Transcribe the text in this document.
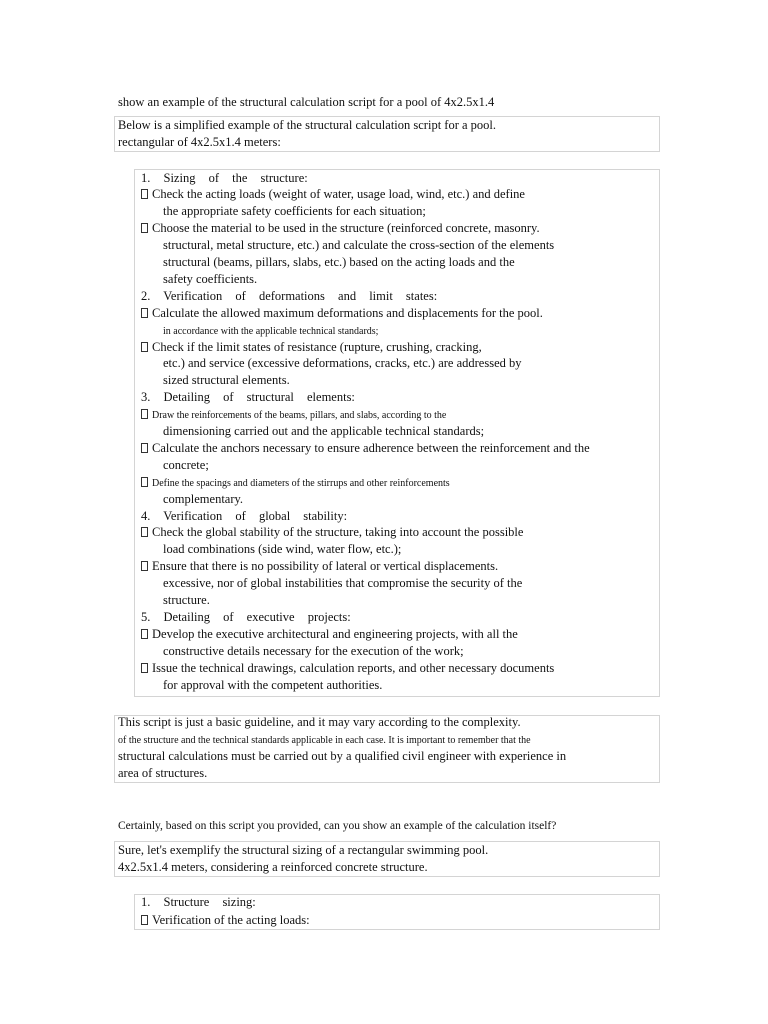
show an example of the structural calculation script for a pool of 4x2.5x1.4
Below is a simplified example of the structural calculation script for a pool.
rectangular of 4x2.5x1.4 meters:
1. Sizing of the structure:
Check the acting loads (weight of water, usage load, wind, etc.) and define
the appropriate safety coefficients for each situation;
Choose the material to be used in the structure (reinforced concrete, masonry.
structural, metal structure, etc.) and calculate the cross-section of the elements
structural (beams, pillars, slabs, etc.) based on the acting loads and the
safety coefficients.
2. Verification of deformations and limit states:
Calculate the allowed maximum deformations and displacements for the pool.
in accordance with the applicable technical standards;
Check if the limit states of resistance (rupture, crushing, cracking,
etc.) and service (excessive deformations, cracks, etc.) are addressed by
sized structural elements.
3. Detailing of structural elements:
Draw the reinforcements of the beams, pillars, and slabs, according to the
dimensioning carried out and the applicable technical standards;
Calculate the anchors necessary to ensure adherence between the reinforcement and the
concrete;
Define the spacings and diameters of the stirrups and other reinforcements
complementary.
4. Verification of global stability:
Check the global stability of the structure, taking into account the possible
load combinations (side wind, water flow, etc.);
Ensure that there is no possibility of lateral or vertical displacements.
excessive, nor of global instabilities that compromise the security of the
structure.
5. Detailing of executive projects:
Develop the executive architectural and engineering projects, with all the
constructive details necessary for the execution of the work;
Issue the technical drawings, calculation reports, and other necessary documents
for approval with the competent authorities.
This script is just a basic guideline, and it may vary according to the complexity.
of the structure and the technical standards applicable in each case. It is important to remember that the
structural calculations must be carried out by a qualified civil engineer with experience in
area of structures.
Certainly, based on this script you provided, can you show an example of the calculation itself?
Sure, let's exemplify the structural sizing of a rectangular swimming pool.
4x2.5x1.4 meters, considering a reinforced concrete structure.
1. Structure sizing:
Verification of the acting loads:
